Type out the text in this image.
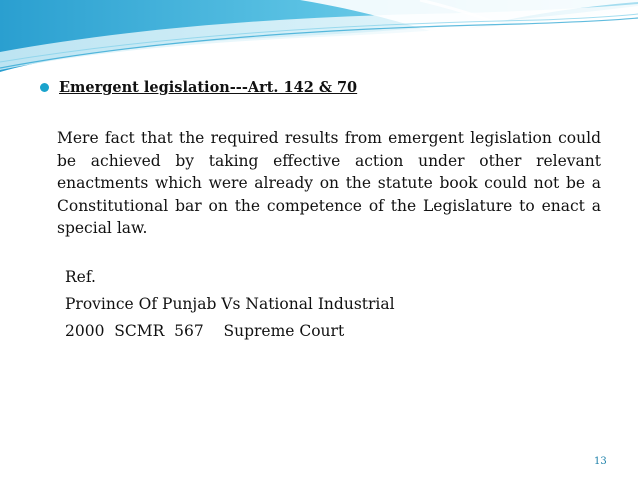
Emergent legislation---Art. 142 & 70

Mere fact that the required results from emergent legislation could be achieved by taking effective action under other relevant enactments which were already on the statute book could not be a Constitutional bar on the competence of the Legislature to enact a special law.

Ref.
Province Of Punjab Vs National Industrial
2000  SCMR  567    Supreme Court
13
